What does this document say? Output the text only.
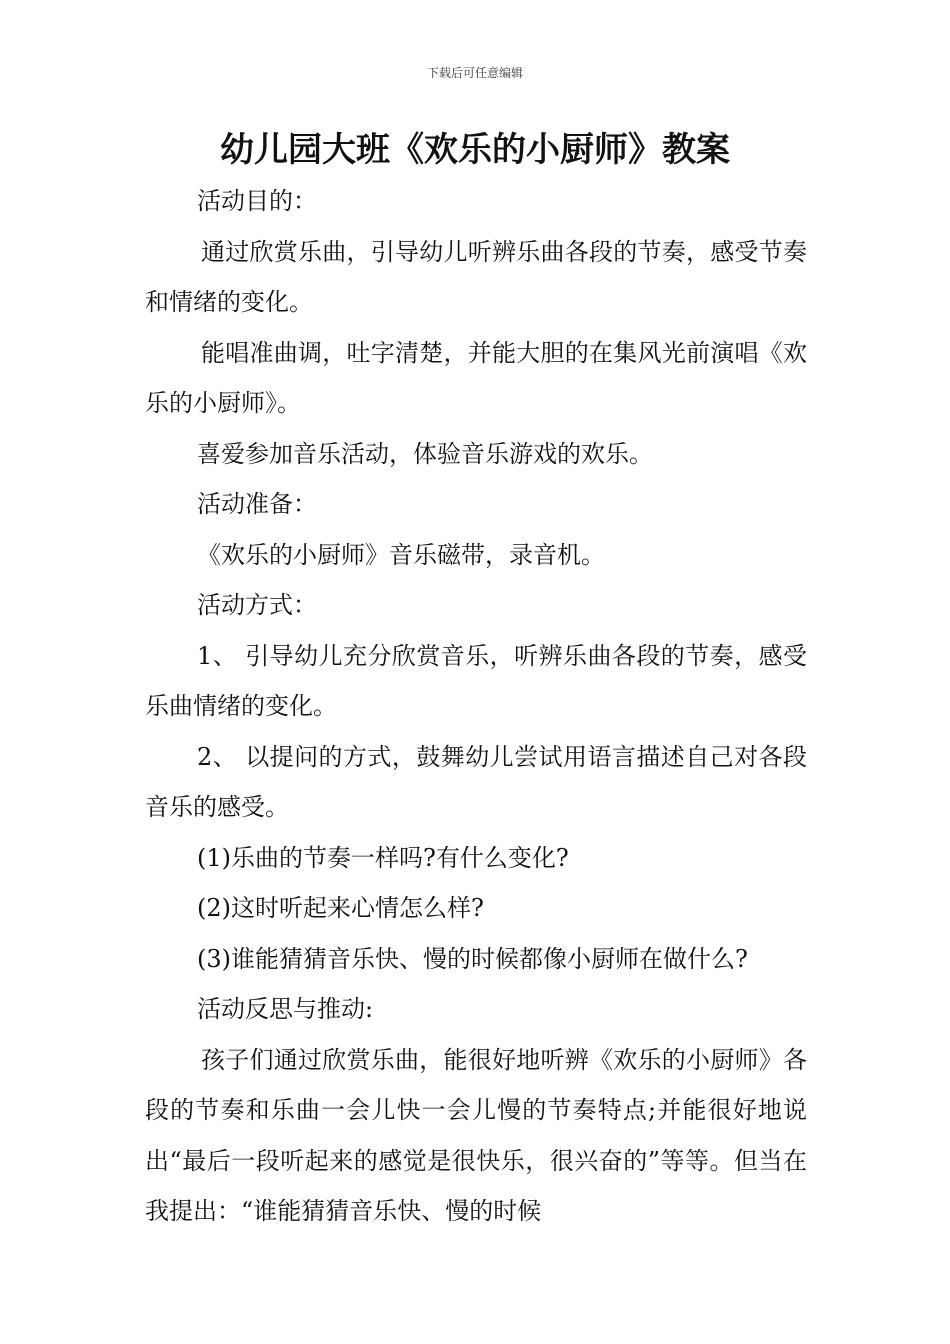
下载后可任意编辑
幼儿园大班《欢乐的小厨师》教案

活动目的：

通过欣赏乐曲，引导幼儿听辨乐曲各段的节奏，感受节奏和情绪的变化。

能唱准曲调，吐字清楚，并能大胆的在集风光前演唱《欢乐的小厨师》。

喜爱参加音乐活动，体验音乐游戏的欢乐。

活动准备：

《欢乐的小厨师》音乐磁带，录音机。

活动方式：

1、 引导幼儿充分欣赏音乐，听辨乐曲各段的节奏，感受乐曲情绪的变化。

2、 以提问的方式，鼓舞幼儿尝试用语言描述自己对各段音乐的感受。

(1)乐曲的节奏一样吗?有什么变化?

(2)这时听起来心情怎么样?

(3)谁能猜猜音乐快、慢的时候都像小厨师在做什么?

活动反思与推动:

孩子们通过欣赏乐曲，能很好地听辨《欢乐的小厨师》各段的节奏和乐曲一会儿快一会儿慢的节奏特点;并能很好地说出“最后一段听起来的感觉是很快乐，很兴奋的”等等。但当在我提出：“谁能猜猜音乐快、慢的时候
